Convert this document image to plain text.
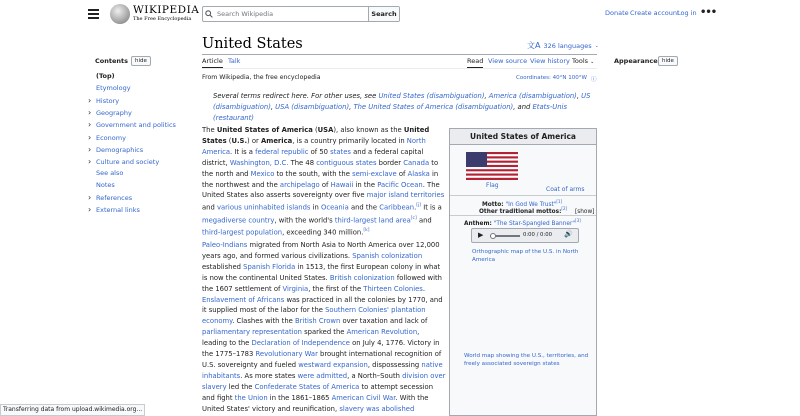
WIKIPEDIA
The Free Encyclopedia
Search Wikipedia	Search	Donate Create account
Log in •••
Contents	hide
(Top)
Etymology
› History
› Geography
› Government and politics
› Economy
› Demographics
› Culture and society
See also
Notes
› References
› External links
United States	文A 326 languages ⌄
Article Talk	Read View source View history Tools ⌄
From Wikipedia, the free encyclopedia	Coordinates: 40°N 100°W ⓘ
Appearance hide
Several terms redirect here. For other uses, see United States (disambiguation), America (disambiguation), US (disambiguation), USA (disambiguation), The United States of America (disambiguation), and Etats-Unis (restaurant)
The United States of America (USA), also known as the United States (U.S.) or America, is a country primarily located in North America. It is a federal republic of 50 states and a federal capital district, Washington, D.C. The 48 contiguous states border Canada to the north and Mexico to the south, with the semi-exclave of Alaska in the northwest and the archipelago of Hawaii in the Pacific Ocean. The United States also asserts sovereignty over five major island territories and various uninhabited islands in Oceania and the Caribbean.[j] It is a megadiverse country, with the world's third-largest land area[c] and third-largest population, exceeding 340 million.[k]
Paleo-Indians migrated from North Asia to North America over 12,000 years ago, and formed various civilizations. Spanish colonization established Spanish Florida in 1513, the first European colony in what is now the continental United States. British colonization followed with the 1607 settlement of Virginia, the first of the Thirteen Colonies. Enslavement of Africans was practiced in all the colonies by 1770, and it supplied most of the labor for the Southern Colonies' plantation economy. Clashes with the British Crown over taxation and lack of parliamentary representation sparked the American Revolution, leading to the Declaration of Independence on July 4, 1776. Victory in the 1775–1783 Revolutionary War brought international recognition of U.S. sovereignty and fueled westward expansion, dispossessing native inhabitants. As more states were admitted, a North–South division over slavery led the Confederate States of America to attempt secession and fight the Union in the 1861–1865 American Civil War. With the United States' victory and reunification, slavery was abolished
United States of America
Flag
Coat of arms
Motto: "In God We Trust"[1]
Other traditional mottos:[2] [show]
Anthem: "The Star-Spangled Banner"[3]
▶	0:00 / 0:00 🔊
Orthographic map of the U.S. in North America
World map showing the U.S., territories, and freely associated sovereign states
Transferring data from upload.wikimedia.org...
